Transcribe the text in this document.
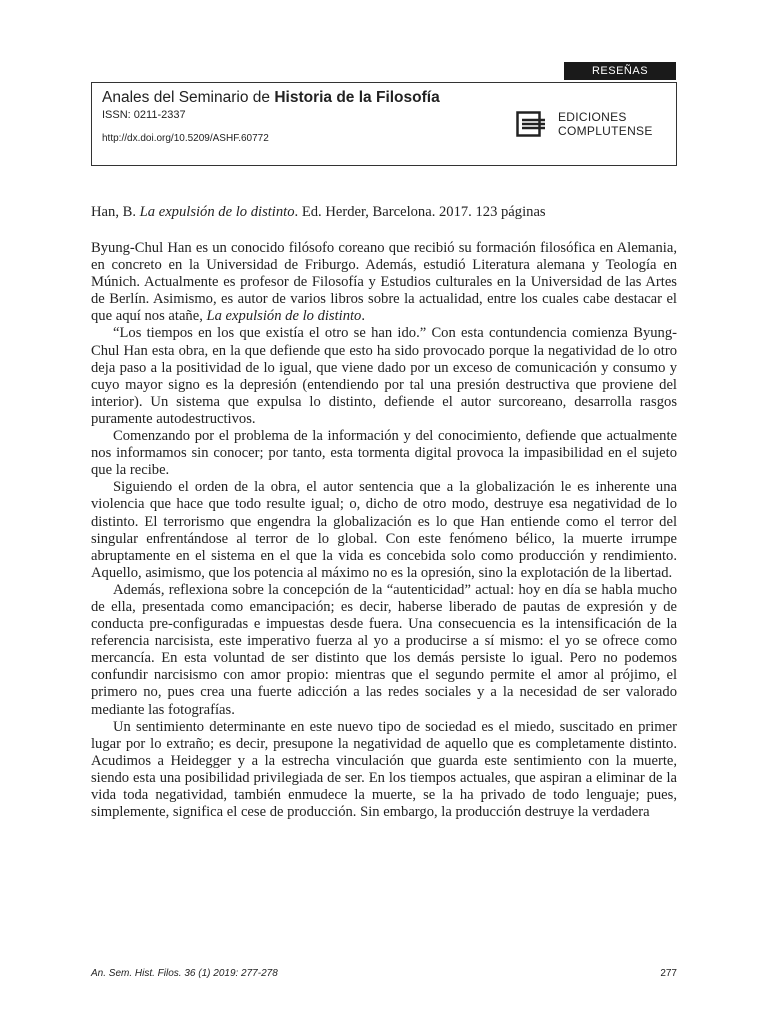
RESEÑAS
Anales del Seminario de Historia de la Filosofía
ISSN: 0211-2337
http://dx.doi.org/10.5209/ASHF.60772
EDICIONES
COMPLUTENSE
Han, B. La expulsión de lo distinto. Ed. Herder, Barcelona. 2017. 123 páginas

Byung-Chul Han es un conocido filósofo coreano que recibió su formación filosófica en Alemania, en concreto en la Universidad de Friburgo. Además, estudió Literatura alemana y Teología en Múnich. Actualmente es profesor de Filosofía y Estudios culturales en la Universidad de las Artes de Berlín. Asimismo, es autor de varios libros sobre la actualidad, entre los cuales cabe destacar el que aquí nos atañe, La expulsión de lo distinto.

“Los tiempos en los que existía el otro se han ido.” Con esta contundencia comienza Byung-Chul Han esta obra, en la que defiende que esto ha sido provocado porque la negatividad de lo otro deja paso a la positividad de lo igual, que viene dado por un exceso de comunicación y consumo y cuyo mayor signo es la depresión (entendiendo por tal una presión destructiva que proviene del interior). Un sistema que expulsa lo distinto, defiende el autor surcoreano, desarrolla rasgos puramente autodestructivos.

Comenzando por el problema de la información y del conocimiento, defiende que actualmente nos informamos sin conocer; por tanto, esta tormenta digital provoca la impasibilidad en el sujeto que la recibe.

Siguiendo el orden de la obra, el autor sentencia que a la globalización le es inherente una violencia que hace que todo resulte igual; o, dicho de otro modo, destruye esa negatividad de lo distinto. El terrorismo que engendra la globalización es lo que Han entiende como el terror del singular enfrentándose al terror de lo global. Con este fenómeno bélico, la muerte irrumpe abruptamente en el sistema en el que la vida es concebida solo como producción y rendimiento. Aquello, asimismo, que los potencia al máximo no es la opresión, sino la explotación de la libertad.

Además, reflexiona sobre la concepción de la “autenticidad” actual: hoy en día se habla mucho de ella, presentada como emancipación; es decir, haberse liberado de pautas de expresión y de conducta pre-configuradas e impuestas desde fuera. Una consecuencia es la intensificación de la referencia narcisista, este imperativo fuerza al yo a producirse a sí mismo: el yo se ofrece como mercancía. En esta voluntad de ser distinto que los demás persiste lo igual. Pero no podemos confundir narcisismo con amor propio: mientras que el segundo permite el amor al prójimo, el primero no, pues crea una fuerte adicción a las redes sociales y a la necesidad de ser valorado mediante las fotografías.

Un sentimiento determinante en este nuevo tipo de sociedad es el miedo, suscitado en primer lugar por lo extraño; es decir, presupone la negatividad de aquello que es completamente distinto. Acudimos a Heidegger y a la estrecha vinculación que guarda este sentimiento con la muerte, siendo esta una posibilidad privilegiada de ser. En los tiempos actuales, que aspiran a eliminar de la vida toda negatividad, también enmudece la muerte, se la ha privado de todo lenguaje; pues, simplemente, significa el cese de producción. Sin embargo, la producción destruye la verdadera

An. Sem. Hist. Filos. 36 (1) 2019: 277-278	277
